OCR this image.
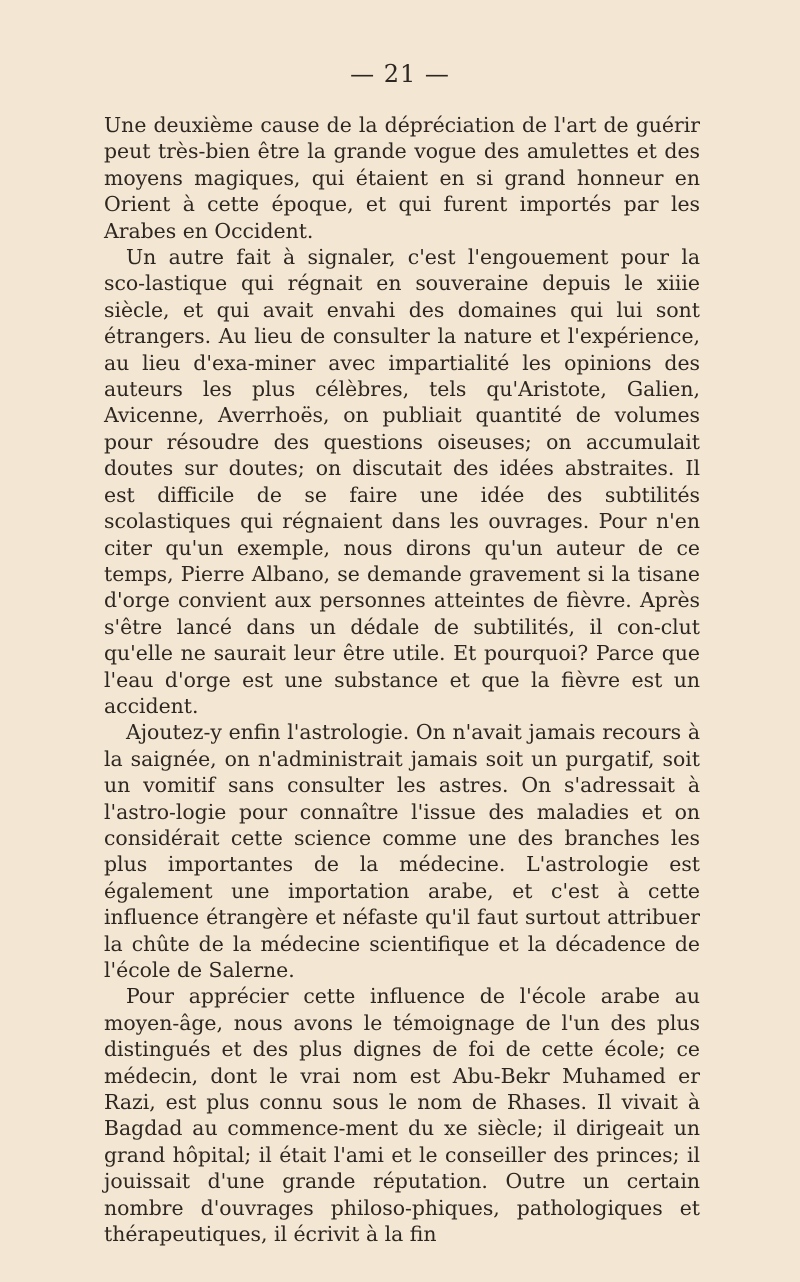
— 21 —

Une deuxième cause de la dépréciation de l'art de guérir peut très-bien être la grande vogue des amulettes et des moyens magiques, qui étaient en si grand honneur en Orient à cette époque, et qui furent importés par les Arabes en Occident.

Un autre fait à signaler, c'est l'engouement pour la sco-lastique qui régnait en souveraine depuis le xiiie siècle, et qui avait envahi des domaines qui lui sont étrangers. Au lieu de consulter la nature et l'expérience, au lieu d'exa-miner avec impartialité les opinions des auteurs les plus célèbres, tels qu'Aristote, Galien, Avicenne, Averrhoës, on publiait quantité de volumes pour résoudre des questions oiseuses; on accumulait doutes sur doutes; on discutait des idées abstraites. Il est difficile de se faire une idée des subtilités scolastiques qui régnaient dans les ouvrages. Pour n'en citer qu'un exemple, nous dirons qu'un auteur de ce temps, Pierre Albano, se demande gravement si la tisane d'orge convient aux personnes atteintes de fièvre. Après s'être lancé dans un dédale de subtilités, il con-clut qu'elle ne saurait leur être utile. Et pourquoi? Parce que l'eau d'orge est une substance et que la fièvre est un accident.

Ajoutez-y enfin l'astrologie. On n'avait jamais recours à la saignée, on n'administrait jamais soit un purgatif, soit un vomitif sans consulter les astres. On s'adressait à l'astro-logie pour connaître l'issue des maladies et on considérait cette science comme une des branches les plus importantes de la médecine. L'astrologie est également une importation arabe, et c'est à cette influence étrangère et néfaste qu'il faut surtout attribuer la chûte de la médecine scientifique et la décadence de l'école de Salerne.

Pour apprécier cette influence de l'école arabe au moyen-âge, nous avons le témoignage de l'un des plus distingués et des plus dignes de foi de cette école; ce médecin, dont le vrai nom est Abu-Bekr Muhamed er Razi, est plus connu sous le nom de Rhases. Il vivait à Bagdad au commence-ment du xe siècle; il dirigeait un grand hôpital; il était l'ami et le conseiller des princes; il jouissait d'une grande réputation. Outre un certain nombre d'ouvrages philoso-phiques, pathologiques et thérapeutiques, il écrivit à la fin
